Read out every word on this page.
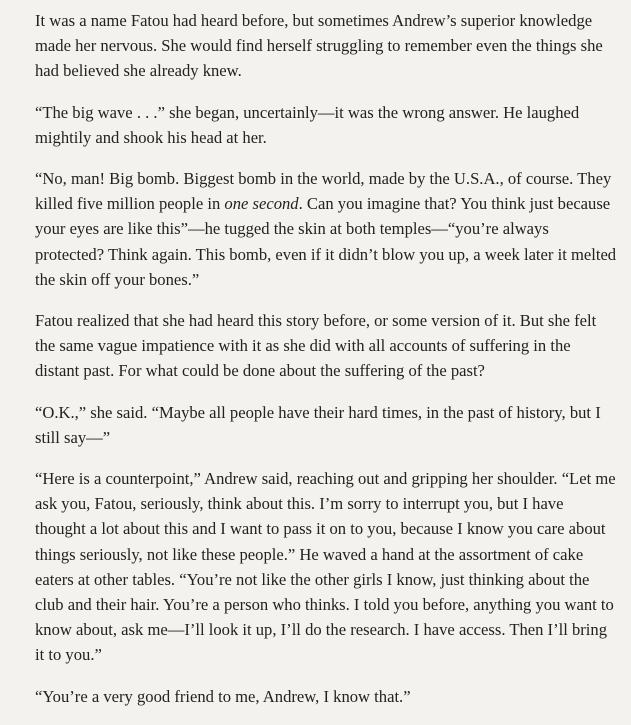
It was a name Fatou had heard before, but sometimes Andrew’s superior knowledge made her nervous. She would find herself struggling to remember even the things she had believed she already knew.

“The big wave . . .” she began, uncertainly—it was the wrong answer. He laughed mightily and shook his head at her.

“No, man! Big bomb. Biggest bomb in the world, made by the U.S.A., of course. They killed five million people in one second. Can you imagine that? You think just because your eyes are like this”—he tugged the skin at both temples—“you’re always protected? Think again. This bomb, even if it didn’t blow you up, a week later it melted the skin off your bones.”

Fatou realized that she had heard this story before, or some version of it. But she felt the same vague impatience with it as she did with all accounts of suffering in the distant past. For what could be done about the suffering of the past?

“O.K.,” she said. “Maybe all people have their hard times, in the past of history, but I still say—”

“Here is a counterpoint,” Andrew said, reaching out and gripping her shoulder. “Let me ask you, Fatou, seriously, think about this. I’m sorry to interrupt you, but I have thought a lot about this and I want to pass it on to you, because I know you care about things seriously, not like these people.” He waved a hand at the assortment of cake eaters at other tables. “You’re not like the other girls I know, just thinking about the club and their hair. You’re a person who thinks. I told you before, anything you want to know about, ask me—I’ll look it up, I’ll do the research. I have access. Then I’ll bring it to you.”

“You’re a very good friend to me, Andrew, I know that.”
